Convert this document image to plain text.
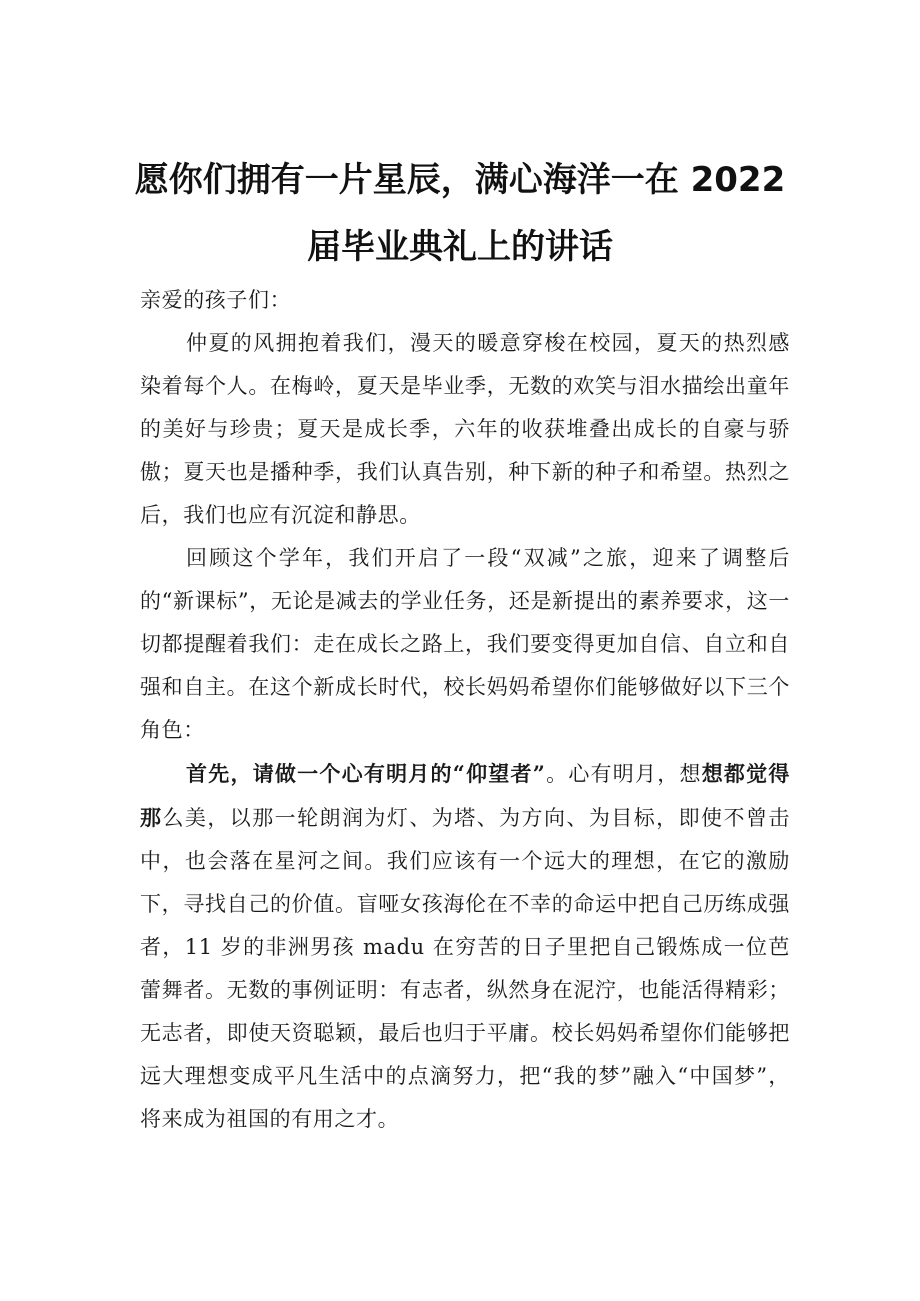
愿你们拥有一片星辰，满心海洋一在 2022
届毕业典礼上的讲话

亲爱的孩子们：

仲夏的风拥抱着我们，漫天的暖意穿梭在校园，夏天的热烈感染着每个人。在梅岭，夏天是毕业季，无数的欢笑与泪水描绘出童年的美好与珍贵；夏天是成长季，六年的收获堆叠出成长的自豪与骄傲；夏天也是播种季，我们认真告别，种下新的种子和希望。热烈之后，我们也应有沉淀和静思。

回顾这个学年，我们开启了一段“双减”之旅，迎来了调整后的“新课标”，无论是减去的学业任务，还是新提出的素养要求，这一切都提醒着我们：走在成长之路上，我们要变得更加自信、自立和自强和自主。在这个新成长时代，校长妈妈希望你们能够做好以下三个角色：

首先，请做一个心有明月的“仰望者”。心有明月，想想都觉得那么美，以那一轮朗润为灯、为塔、为方向、为目标，即使不曾击中，也会落在星河之间。我们应该有一个远大的理想，在它的激励下，寻找自己的价值。盲哑女孩海伦在不幸的命运中把自己历练成强者，11 岁的非洲男孩 madu 在穷苦的日子里把自己锻炼成一位芭蕾舞者。无数的事例证明：有志者，纵然身在泥泞，也能活得精彩；无志者，即使天资聪颖，最后也归于平庸。校长妈妈希望你们能够把远大理想变成平凡生活中的点滴努力，把“我的梦”融入“中国梦”，将来成为祖国的有用之才。
